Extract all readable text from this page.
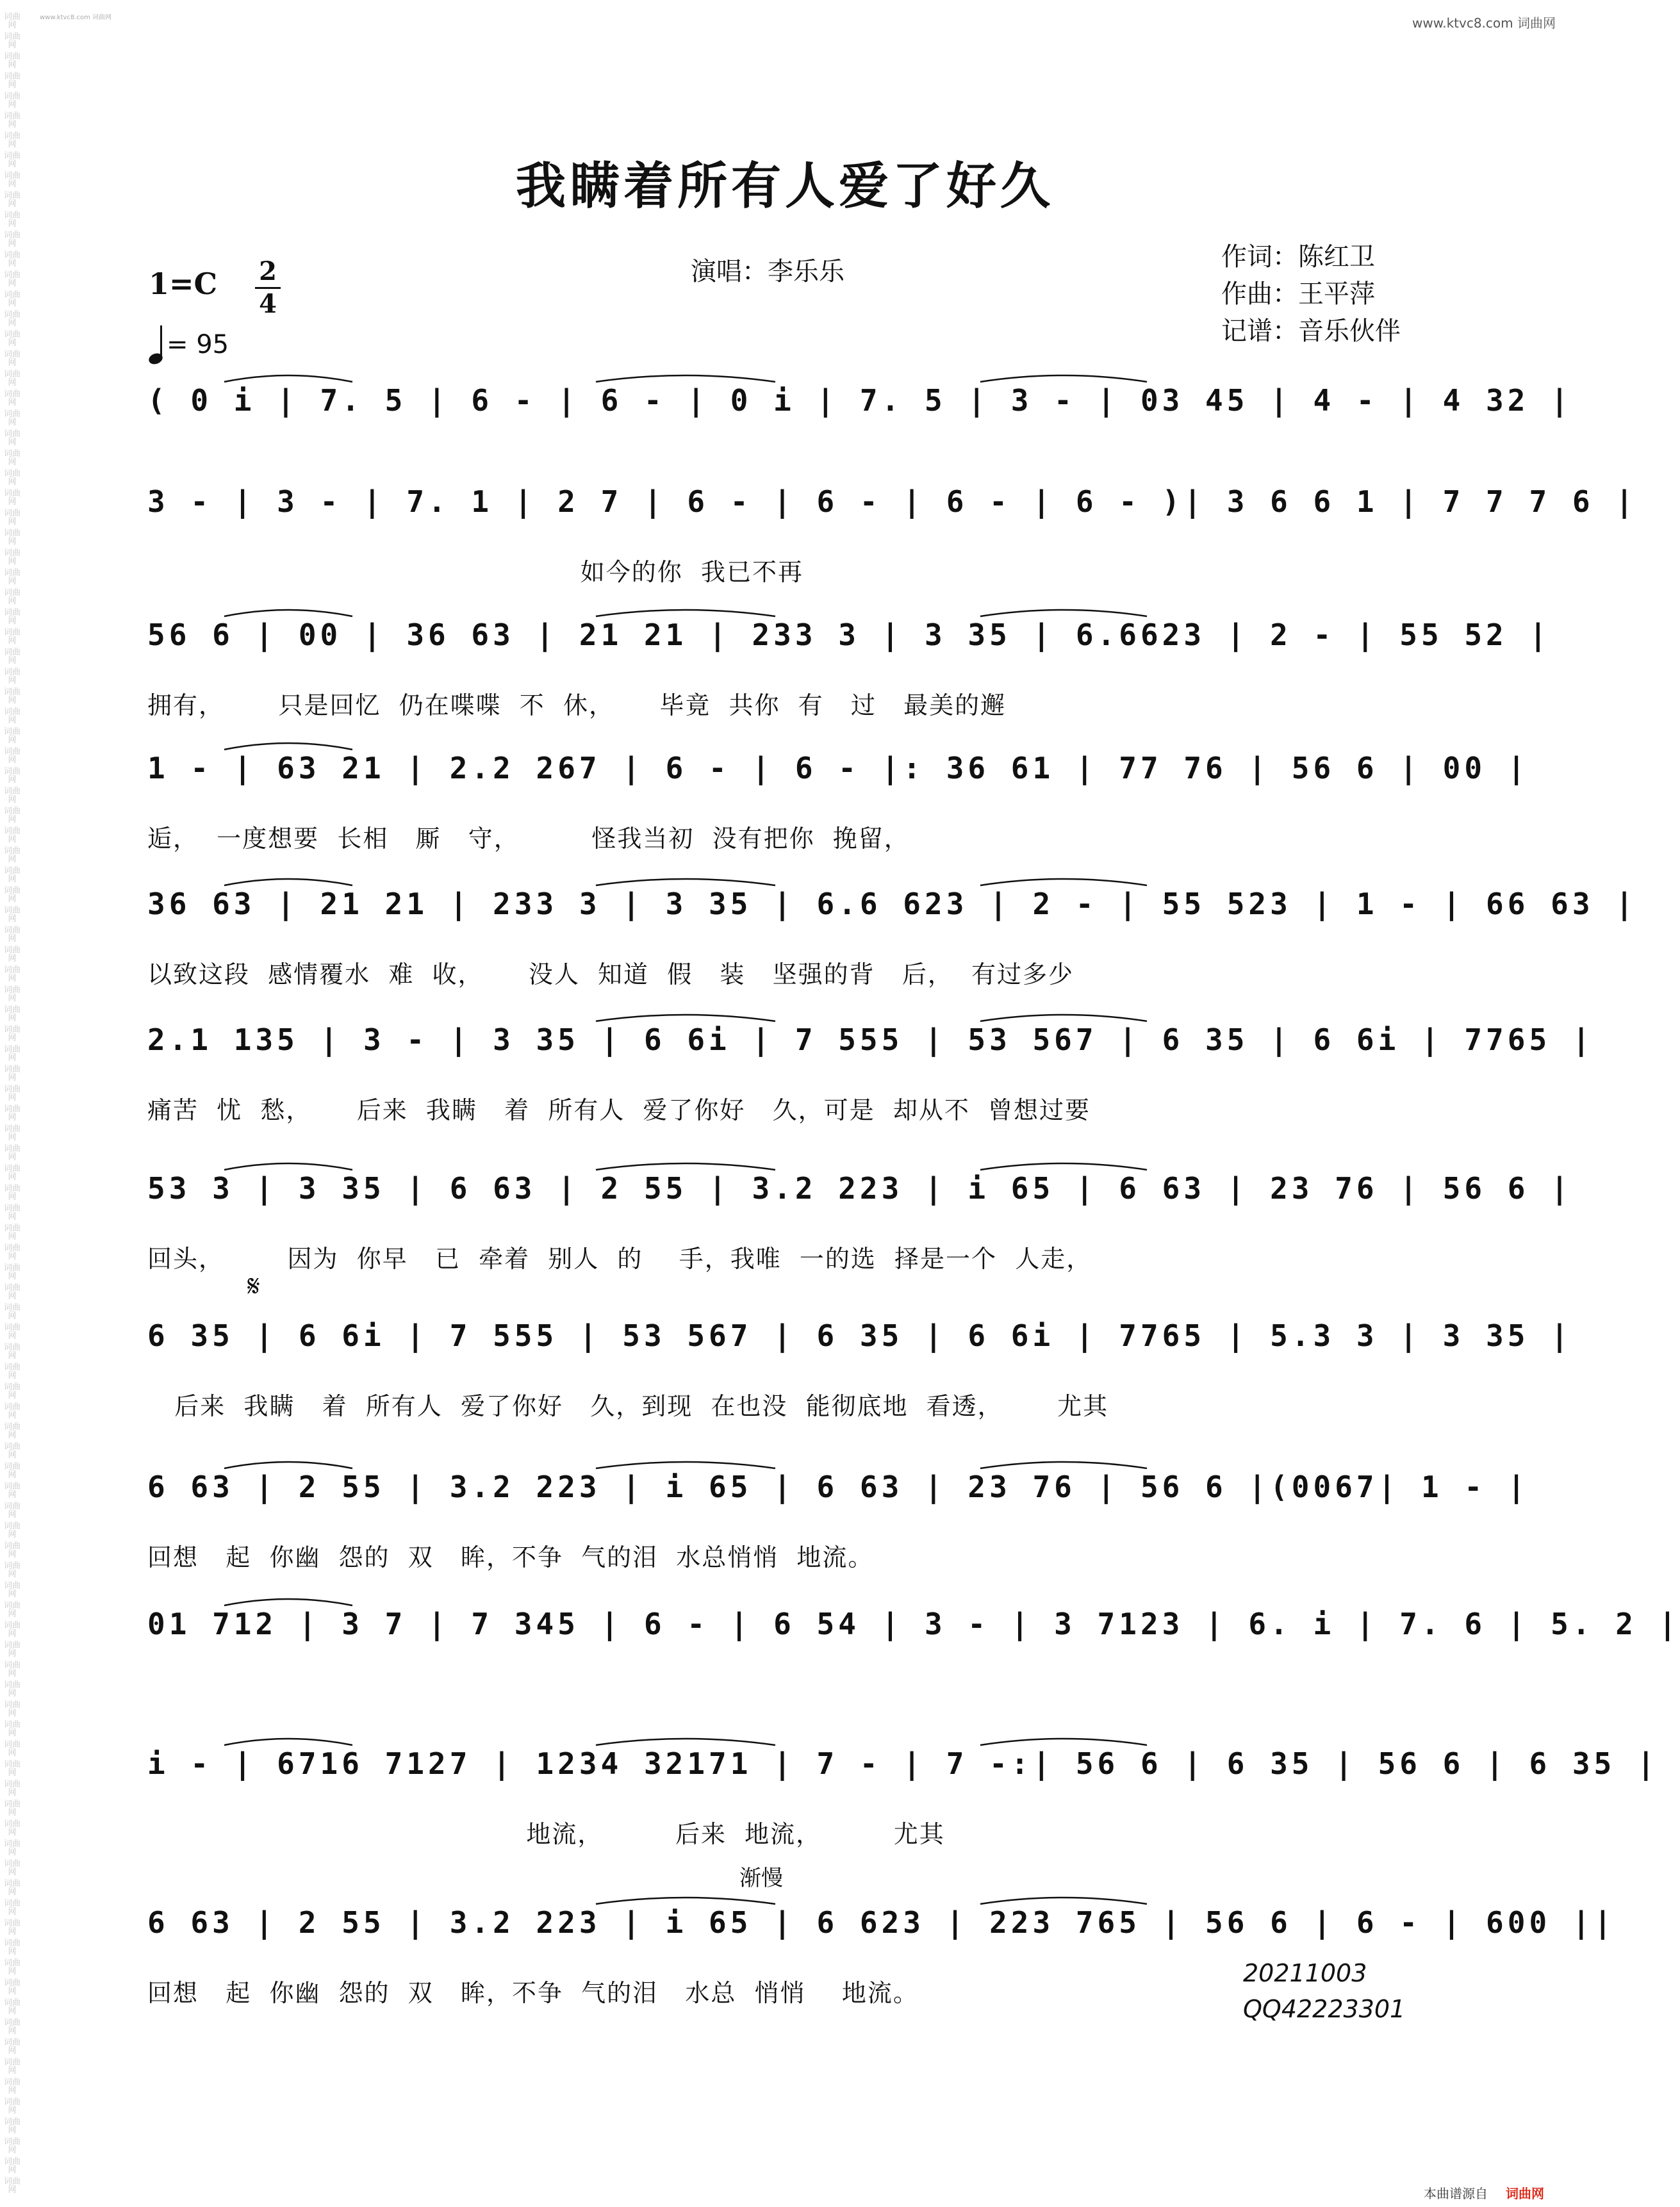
词曲网
词曲网
词曲网
词曲网
词曲网
词曲网
词曲网
词曲网
词曲网
词曲网
词曲网
词曲网
词曲网
词曲网
词曲网
词曲网
词曲网
词曲网
词曲网
词曲网
词曲网
词曲网
词曲网
词曲网
词曲网
词曲网
词曲网
词曲网
词曲网
词曲网
词曲网
词曲网
词曲网
词曲网
词曲网
词曲网
词曲网
词曲网
词曲网
词曲网
词曲网
词曲网
词曲网
词曲网
词曲网
词曲网
词曲网
词曲网
词曲网
词曲网
词曲网
词曲网
词曲网
词曲网
词曲网
词曲网
词曲网
词曲网
词曲网
词曲网
词曲网
词曲网
词曲网
词曲网
词曲网
词曲网
词曲网
词曲网
词曲网
词曲网
词曲网
词曲网
词曲网
词曲网
词曲网
词曲网
词曲网
词曲网
词曲网
词曲网
词曲网
词曲网
词曲网
词曲网
词曲网
词曲网
词曲网
词曲网
词曲网
词曲网
词曲网
词曲网
词曲网
词曲网
词曲网
词曲网
词曲网
词曲网
词曲网
词曲网
词曲网
词曲网
词曲网
词曲网
词曲网
词曲网
词曲网
词曲网
词曲网
词曲网
www.ktvc8.com 词曲网	www.ktvc8.com 词曲网
我瞒着所有人爱了好久
1=C 2
4
= 95
演唱：李乐乐	作词：陈红卫
作曲：王平萍
记谱：音乐伙伴
( 0 i | 7. 5 | 6 - | 6 - | 0 i | 7. 5 | 3 - | 03 45 | 4 - | 4 32 |
3 - | 3 - | 7. 1 | 2 7 | 6 - | 6 - | 6 - | 6 - )| 3 6 6 1 | 7 7 7 6 |
如今的你  我已不再
56 6 | 00 | 36 63 | 21 21 | 233 3 | 3 35 | 6.6623 | 2 - | 55 52 |
拥有，      只是回忆  仍在喋喋  不  休，     毕竟  共你  有   过   最美的邂
1 - | 63 21 | 2.2 267 | 6 - | 6 - |: 36 61 | 77 76 | 56 6 | 00 |
逅，  一度想要  长相   厮   守，        怪我当初  没有把你  挽留，
36 63 | 21 21 | 233 3 | 3 35 | 6.6 623 | 2 - | 55 523 | 1 - | 66 63 |
以致这段  感情覆水  难  收，     没人  知道  假   装   坚强的背   后，  有过多少
2.1 135 | 3 - | 3 35 | 6 6i | 7 555 | 53 567 | 6 35 | 6 6i | 7765 |
痛苦  忧  愁，     后来  我瞒   着  所有人  爱了你好   久，可是  却从不  曾想过要
53 3 | 3 35 | 6 63 | 2 55 | 3.2 223 | i 65 | 6 63 | 23 76 | 56 6 |
回头，       因为  你早   已  牵着  别人  的    手，我唯  一的选  择是一个  人走，
6 35 | 6 6i | 7 555 | 53 567 | 6 35 | 6 6i | 7765 | 5.3 3 | 3 35 |
后来  我瞒   着  所有人  爱了你好   久，到现  在也没  能彻底地  看透，      尤其
6 63 | 2 55 | 3.2 223 | i 65 | 6 63 | 23 76 | 56 6 |(0067| 1 - |
回想   起  你幽  怨的  双   眸，不争  气的泪  水总悄悄  地流。
01 712 | 3 7 | 7 345 | 6 - | 6 54 | 3 - | 3 7123 | 6. i | 7. 6 | 5. 2 |
i - | 6716 7127 | 1234 32171 | 7 - | 7 -:| 56 6 | 6 35 | 56 6 | 6 35 |
地流，        后来  地流，        尤其
6 63 | 2 55 | 3.2 223 | i 65 | 6 623 | 223 765 | 56 6 | 6 - | 600 ||
回想   起  你幽  怨的  双   眸，不争  气的泪   水总  悄悄    地流。
𝄋
渐慢
20211003
QQ42223301
本曲谱源自 词曲网
